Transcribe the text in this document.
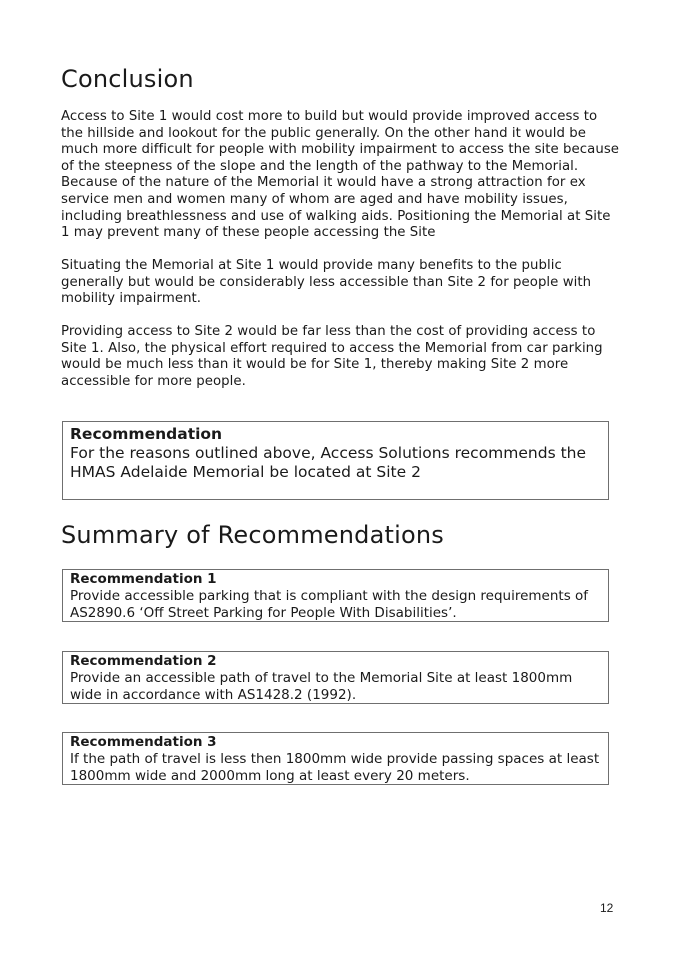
Conclusion

Access to Site 1 would cost more to build but would provide improved access to the hillside and lookout for the public generally. On the other hand it would be much more difficult for people with mobility impairment to access the site because of the steepness of the slope and the length of the pathway to the Memorial. Because of the nature of the Memorial it would have a strong attraction for ex service men and women many of whom are aged and have mobility issues, including breathlessness and use of walking aids. Positioning the Memorial at Site 1 may prevent many of these people accessing the Site

Situating the Memorial at Site 1 would provide many benefits to the public generally but would be considerably less accessible than Site 2 for people with mobility impairment.

Providing access to Site 2 would be far less than the cost of providing access to Site 1. Also, the physical effort required to access the Memorial from car parking would be much less than it would be for Site 1, thereby making Site 2 more accessible for more people.

Recommendation

For the reasons outlined above, Access Solutions recommends the HMAS Adelaide Memorial be located at Site 2

Summary of Recommendations

Recommendation 1

Provide accessible parking that is compliant with the design requirements of AS2890.6 ‘Off Street Parking for People With Disabilities’.

Recommendation 2

Provide an accessible path of travel to the Memorial Site at least 1800mm wide in accordance with AS1428.2 (1992).

Recommendation 3

If the path of travel is less then 1800mm wide provide passing spaces at least 1800mm wide and 2000mm long at least every 20 meters.

12
